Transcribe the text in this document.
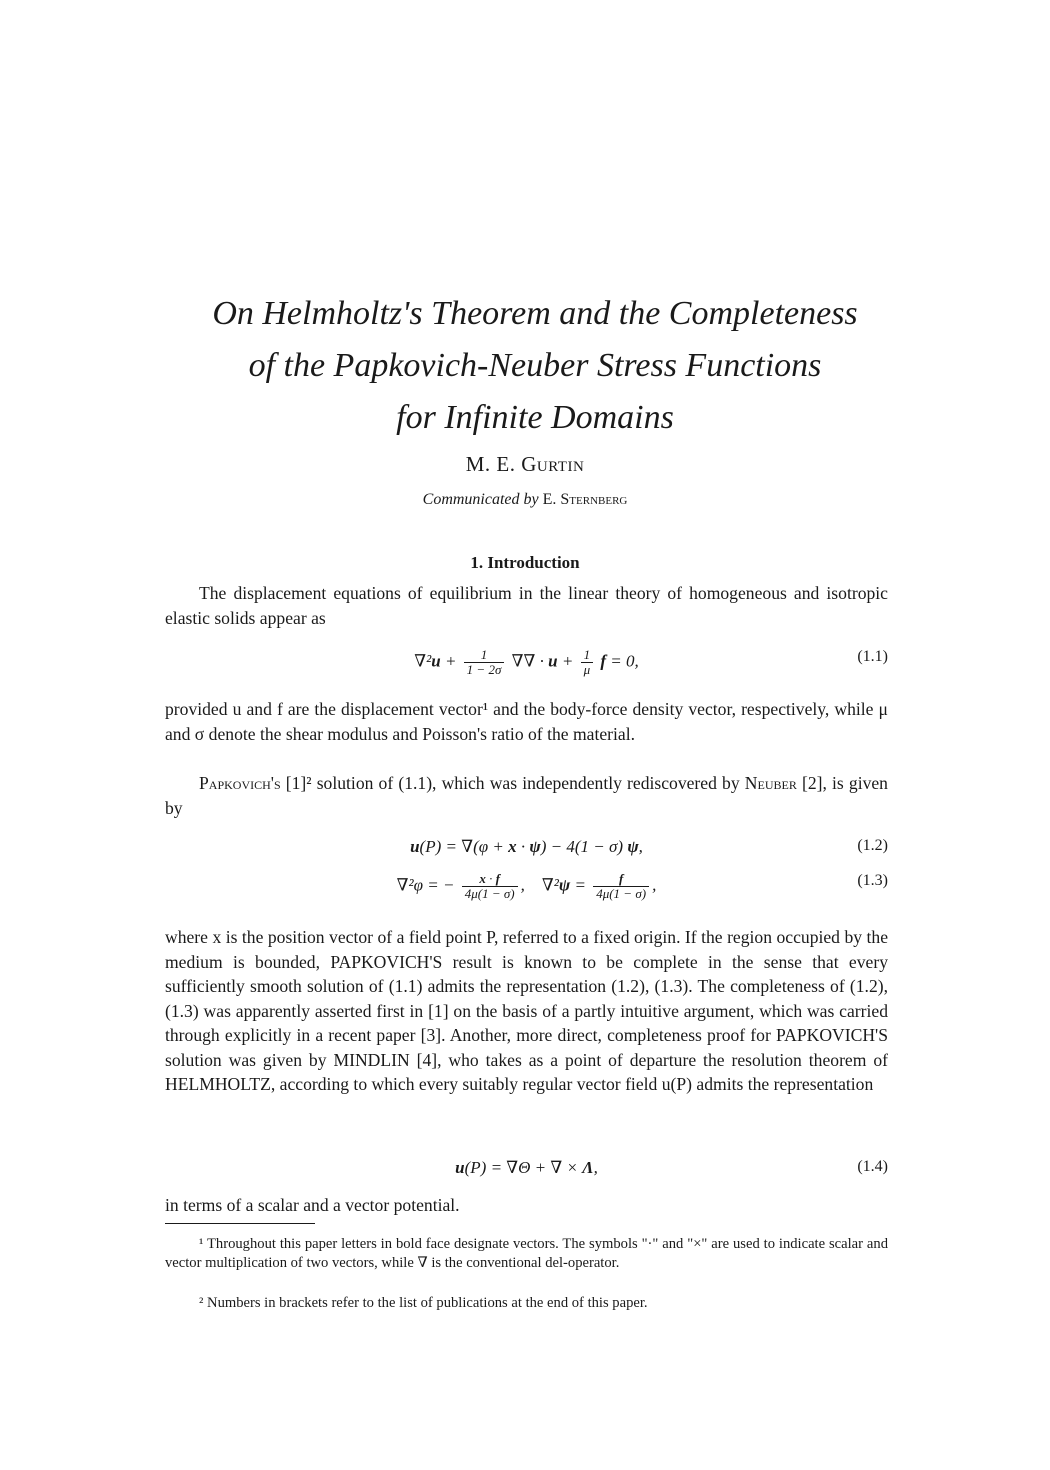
On Helmholtz's Theorem and the Completeness
of the Papkovich-Neuber Stress Functions
for Infinite Domains
M. E. Gurtin
Communicated by E. Sternberg
1. Introduction

The displacement equations of equilibrium in the linear theory of homogeneous and isotropic elastic solids appear as

$\nabla^2u + \frac{1}{1 - 2\sigma}$ ∇∇ · $u + \frac{1}{\mu}$ f = 0,	(1.1)

provided u and f are the displacement vector¹ and the body-force density vector, respectively, while μ and σ denote the shear modulus and Poisson's ratio of the material.

Papkovich's [1]² solution of (1.1), which was independently rediscovered by Neuber [2], is given by

u(P) = ∇(φ + x · ψ) − 4(1 − σ) ψ,	(1.2)
∇²φ = − $\frac{x \cdot f}{4\mu(1 - \sigma)}$ ,    $\nabla^2\psi = \frac{f}{4\mu(1 - \sigma)}$ ,	(1.3)

where x is the position vector of a field point P, referred to a fixed origin. If the region occupied by the medium is bounded, PAPKOVICH'S result is known to be complete in the sense that every sufficiently smooth solution of (1.1) admits the representation (1.2), (1.3). The completeness of (1.2), (1.3) was apparently asserted first in [1] on the basis of a partly intuitive argument, which was carried through explicitly in a recent paper [3]. Another, more direct, completeness proof for PAPKOVICH'S solution was given by MINDLIN [4], who takes as a point of departure the resolution theorem of HELMHOLTZ, according to which every suitably regular vector field u(P) admits the representation

u(P) = ∇Θ + ∇ × Λ,	(1.4)

in terms of a scalar and a vector potential.

¹ Throughout this paper letters in bold face designate vectors. The symbols "·" and "×" are used to indicate scalar and vector multiplication of two vectors, while ∇ is the conventional del-operator.

² Numbers in brackets refer to the list of publications at the end of this paper.
